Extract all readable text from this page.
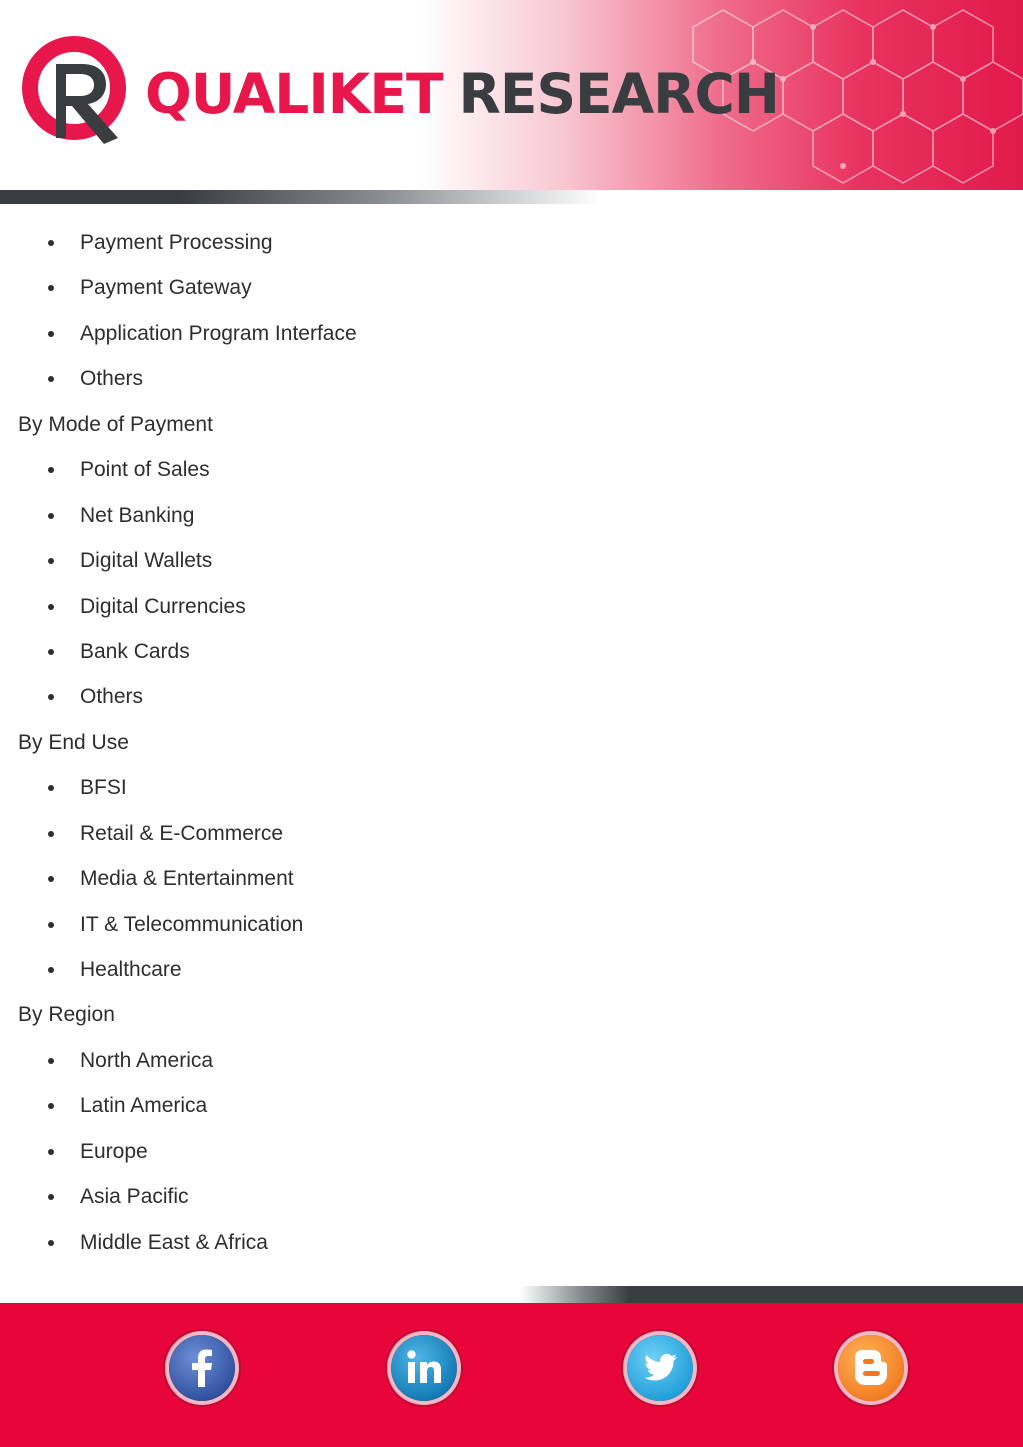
QUALIKET RESEARCH
Payment Processing
Payment Gateway
Application Program Interface
Others
By Mode of Payment
Point of Sales
Net Banking
Digital Wallets
Digital Currencies
Bank Cards
Others
By End Use
BFSI
Retail & E-Commerce
Media & Entertainment
IT & Telecommunication
Healthcare
By Region
North America
Latin America
Europe
Asia Pacific
Middle East & Africa
